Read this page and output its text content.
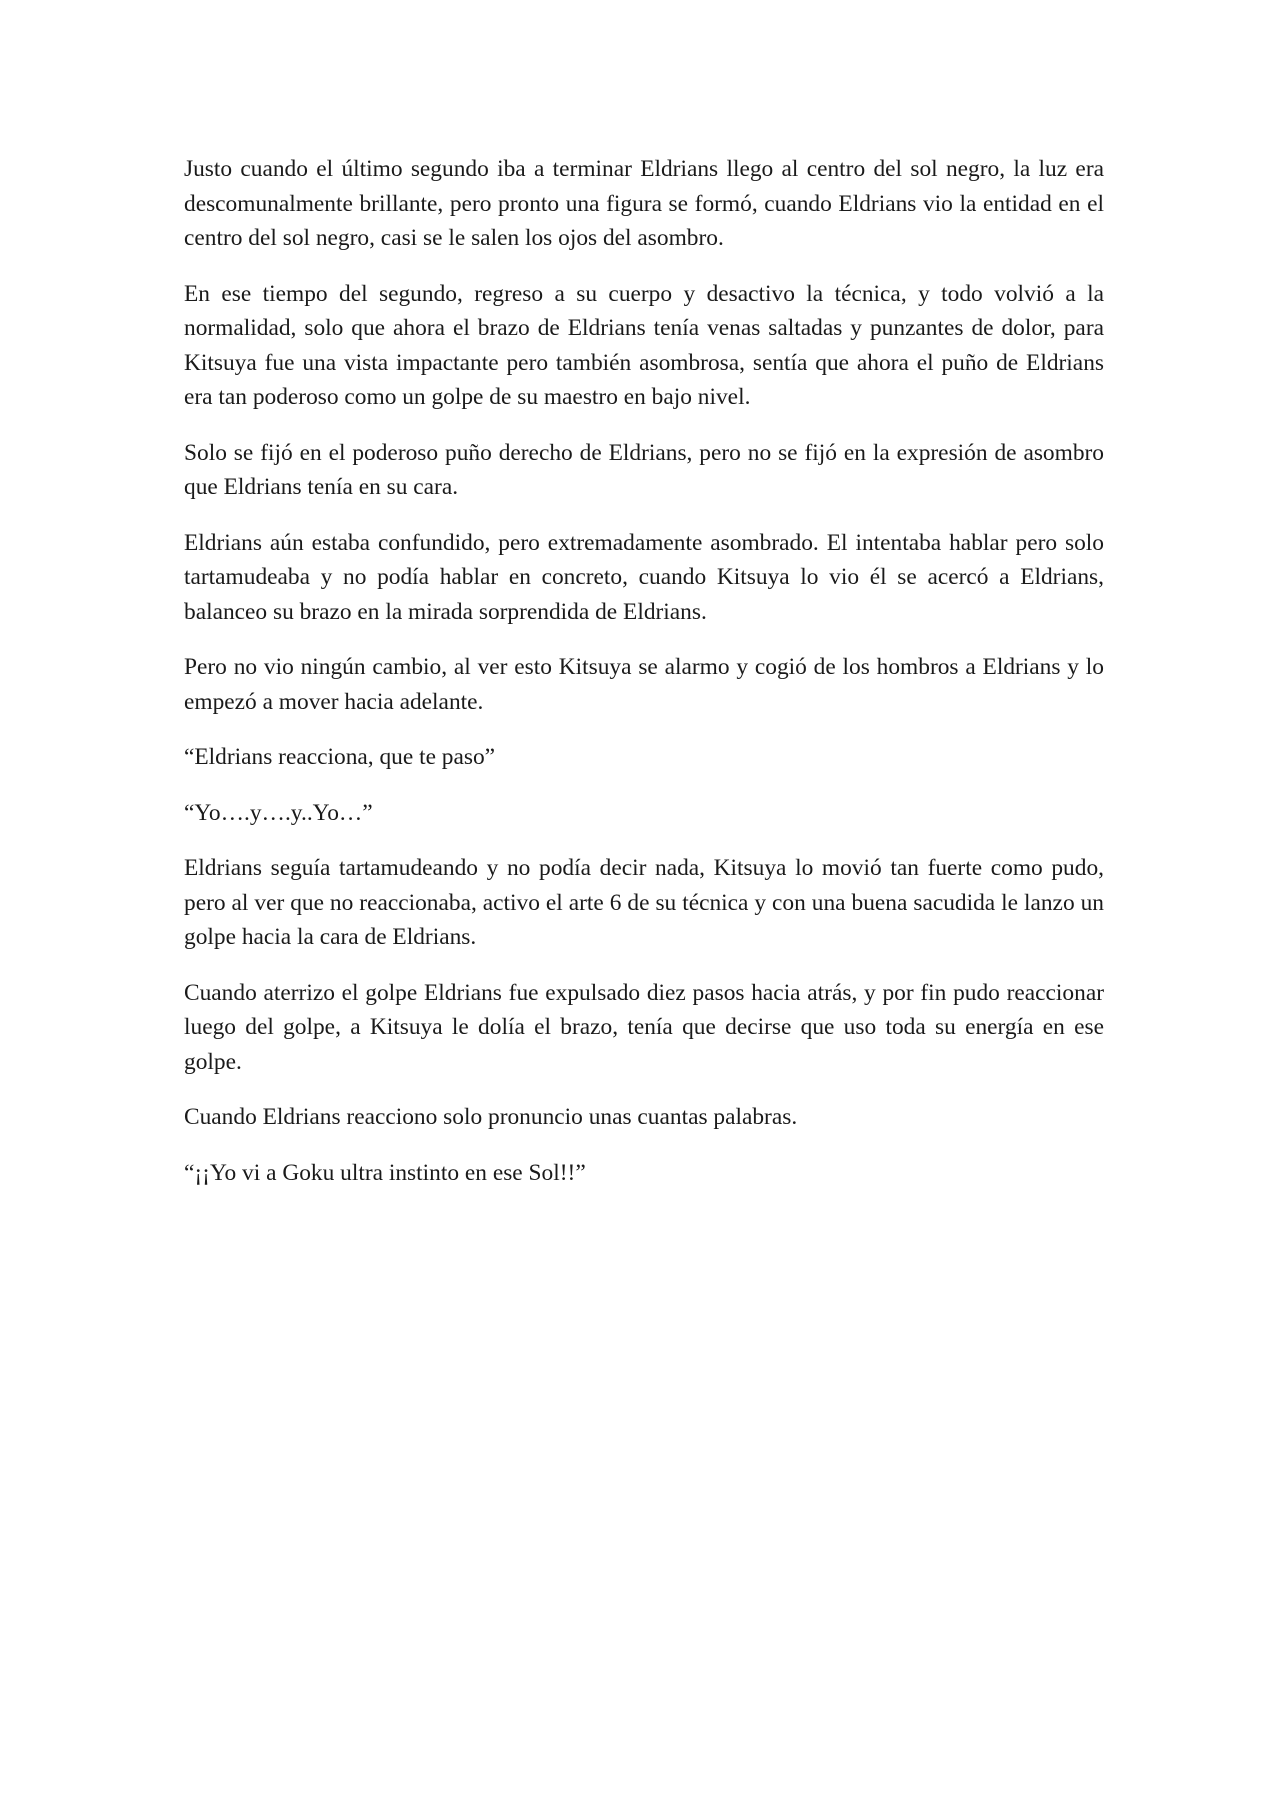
Justo cuando el último segundo iba a terminar Eldrians llego al centro del sol negro, la luz era descomunalmente brillante, pero pronto una figura se formó, cuando Eldrians vio la entidad en el centro del sol negro, casi se le salen los ojos del asombro.

En ese tiempo del segundo, regreso a su cuerpo y desactivo la técnica, y todo volvió a la normalidad, solo que ahora el brazo de Eldrians tenía venas saltadas y punzantes de dolor, para Kitsuya fue una vista impactante pero también asombrosa, sentía que ahora el puño de Eldrians era tan poderoso como un golpe de su maestro en bajo nivel.

Solo se fijó en el poderoso puño derecho de Eldrians, pero no se fijó en la expresión de asombro que Eldrians tenía en su cara.

Eldrians aún estaba confundido, pero extremadamente asombrado. El intentaba hablar pero solo tartamudeaba y no podía hablar en concreto, cuando Kitsuya lo vio él se acercó a Eldrians, balanceo su brazo en la mirada sorprendida de Eldrians.

Pero no vio ningún cambio, al ver esto Kitsuya se alarmo y cogió de los hombros a Eldrians y lo empezó a mover hacia adelante.

“Eldrians reacciona, que te paso”

“Yo….y….y..Yo…”

Eldrians seguía tartamudeando y no podía decir nada, Kitsuya lo movió tan fuerte como pudo, pero al ver que no reaccionaba, activo el arte 6 de su técnica y con una buena sacudida le lanzo un golpe hacia la cara de Eldrians.

Cuando aterrizo el golpe Eldrians fue expulsado diez pasos hacia atrás, y por fin pudo reaccionar luego del golpe, a Kitsuya le dolía el brazo, tenía que decirse que uso toda su energía en ese golpe.

Cuando Eldrians reacciono solo pronuncio unas cuantas palabras.

“¡¡Yo vi a Goku ultra instinto en ese Sol!!”
